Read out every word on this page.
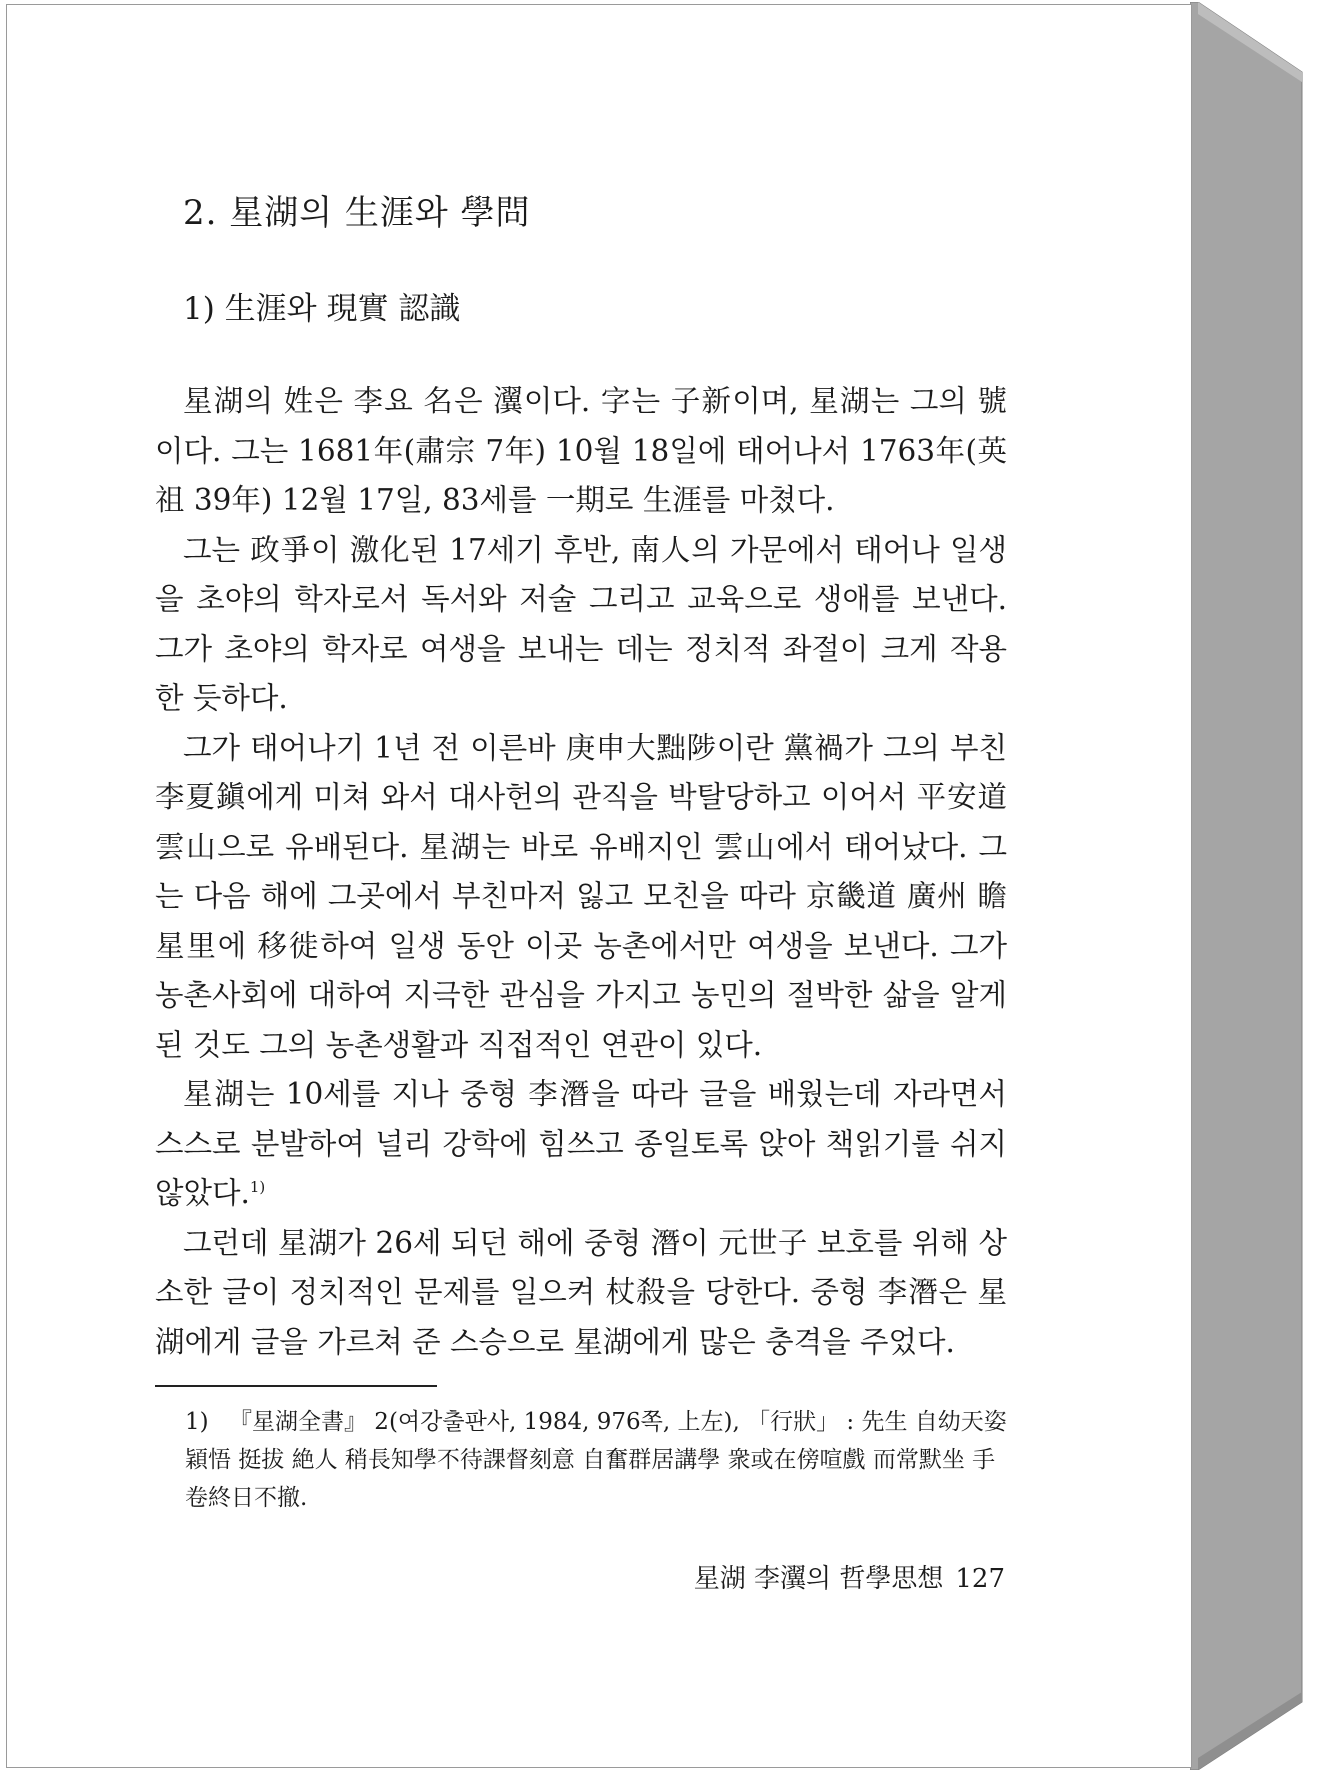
2. 星湖의 生涯와 學問
1) 生涯와 現實 認識

星湖의 姓은 李요 名은 瀷이다. 字는 子新이며, 星湖는 그의 號이다. 그는 1681年(肅宗 7年) 10월 18일에 태어나서 1763年(英祖 39年) 12월 17일, 83세를 一期로 生涯를 마쳤다.

그는 政爭이 激化된 17세기 후반, 南人의 가문에서 태어나 일생을 초야의 학자로서 독서와 저술 그리고 교육으로 생애를 보낸다. 그가 초야의 학자로 여생을 보내는 데는 정치적 좌절이 크게 작용한 듯하다.

그가 태어나기 1년 전 이른바 庚申大黜陟이란 黨禍가 그의 부친 李夏鎭에게 미쳐 와서 대사헌의 관직을 박탈당하고 이어서 平安道 雲山으로 유배된다. 星湖는 바로 유배지인 雲山에서 태어났다. 그는 다음 해에 그곳에서 부친마저 잃고 모친을 따라 京畿道 廣州 瞻星里에 移徙하여 일생 동안 이곳 농촌에서만 여생을 보낸다. 그가 농촌사회에 대하여 지극한 관심을 가지고 농민의 절박한 삶을 알게 된 것도 그의 농촌생활과 직접적인 연관이 있다.

星湖는 10세를 지나 중형 李潛을 따라 글을 배웠는데 자라면서 스스로 분발하여 널리 강학에 힘쓰고 종일토록 앉아 책읽기를 쉬지 않았다.$^{1)}$

그런데 星湖가 26세 되던 해에 중형 潛이 元世子 보호를 위해 상소한 글이 정치적인 문제를 일으켜 杖殺을 당한다. 중형 李潛은 星湖에게 글을 가르쳐 준 스승으로 星湖에게 많은 충격을 주었다.

1) 『星湖全書』 2(여강출판사, 1984, 976쪽, 上左), 「行狀」 : 先生 自幼天姿穎悟 挺拔 絶人 稍長知學不待課督刻意 自奮群居講學 衆或在傍喧戲 而常默坐 手卷終日不撤.

星湖 李瀷의 哲學思想 127
